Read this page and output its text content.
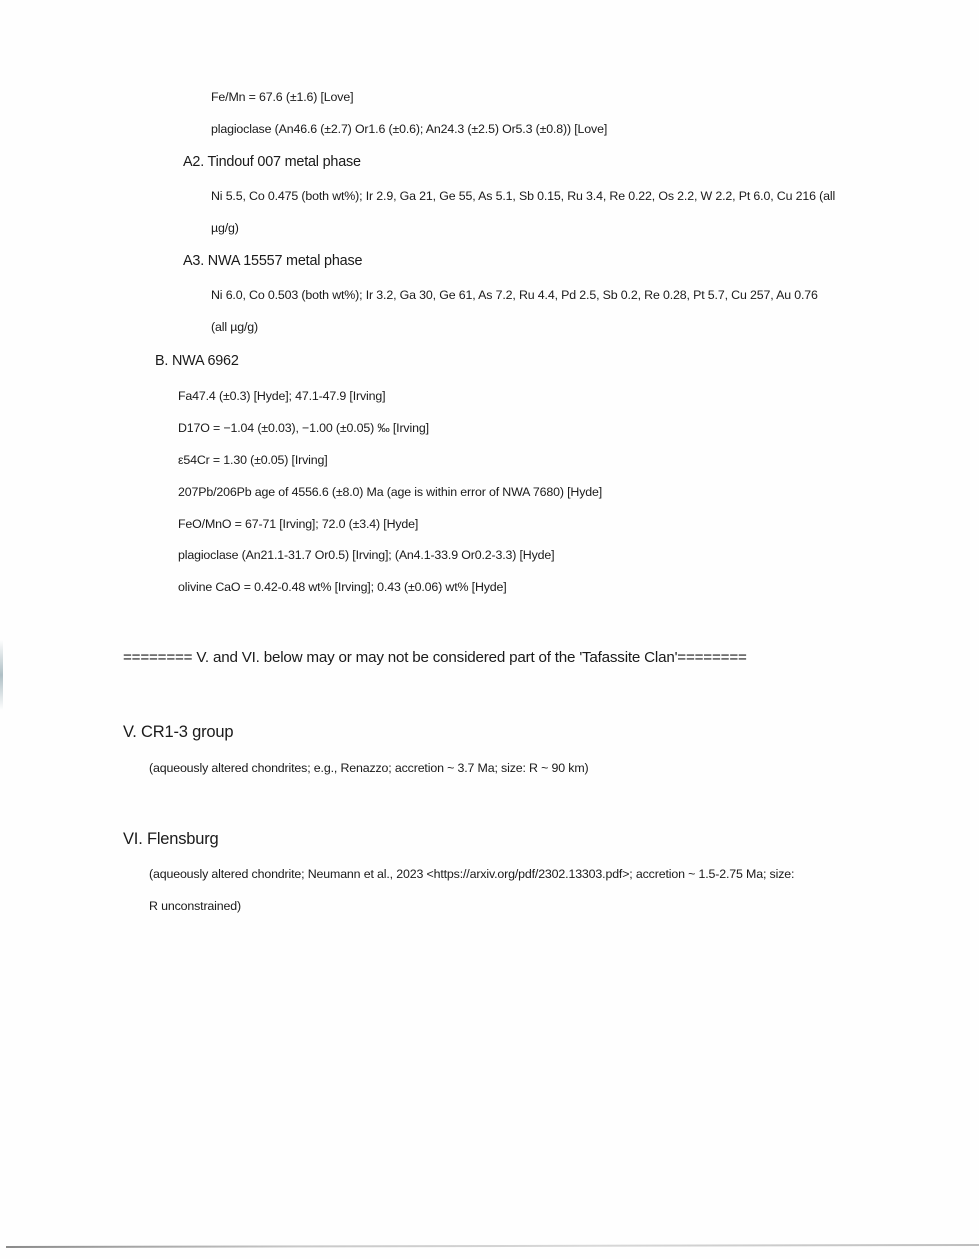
Fe/Mn = 67.6 (±1.6) [Love]
plagioclase (An46.6 (±2.7) Or1.6 (±0.6); An24.3 (±2.5) Or5.3 (±0.8)) [Love]
A2. Tindouf 007 metal phase
Ni 5.5, Co 0.475 (both wt%); Ir 2.9, Ga 21, Ge 55, As 5.1, Sb 0.15, Ru 3.4, Re 0.22, Os 2.2, W 2.2, Pt 6.0, Cu 216 (all
µg/g)
A3. NWA 15557 metal phase
Ni 6.0, Co 0.503 (both wt%); Ir 3.2, Ga 30, Ge 61, As 7.2, Ru 4.4, Pd 2.5, Sb 0.2, Re 0.28, Pt 5.7, Cu 257, Au 0.76
(all µg/g)
B. NWA 6962
Fa47.4 (±0.3) [Hyde]; 47.1-47.9 [Irving]
D17O = −1.04 (±0.03), −1.00 (±0.05) ‰ [Irving]
ε54Cr = 1.30 (±0.05) [Irving]
207Pb/206Pb age of 4556.6 (±8.0) Ma (age is within error of NWA 7680) [Hyde]
FeO/MnO = 67-71 [Irving]; 72.0 (±3.4) [Hyde]
plagioclase (An21.1-31.7 Or0.5) [Irving]; (An4.1-33.9 Or0.2-3.3) [Hyde]
olivine CaO = 0.42-0.48 wt% [Irving]; 0.43 (±0.06) wt% [Hyde]
======== V. and VI. below may or may not be considered part of the 'Tafassite Clan'========
V. CR1-3 group
(aqueously altered chondrites; e.g., Renazzo; accretion ~ 3.7 Ma; size: R ~ 90 km)
VI. Flensburg
(aqueously altered chondrite; Neumann et al., 2023 <https://arxiv.org/pdf/2302.13303.pdf>; accretion ~ 1.5-2.75 Ma; size:
R unconstrained)
